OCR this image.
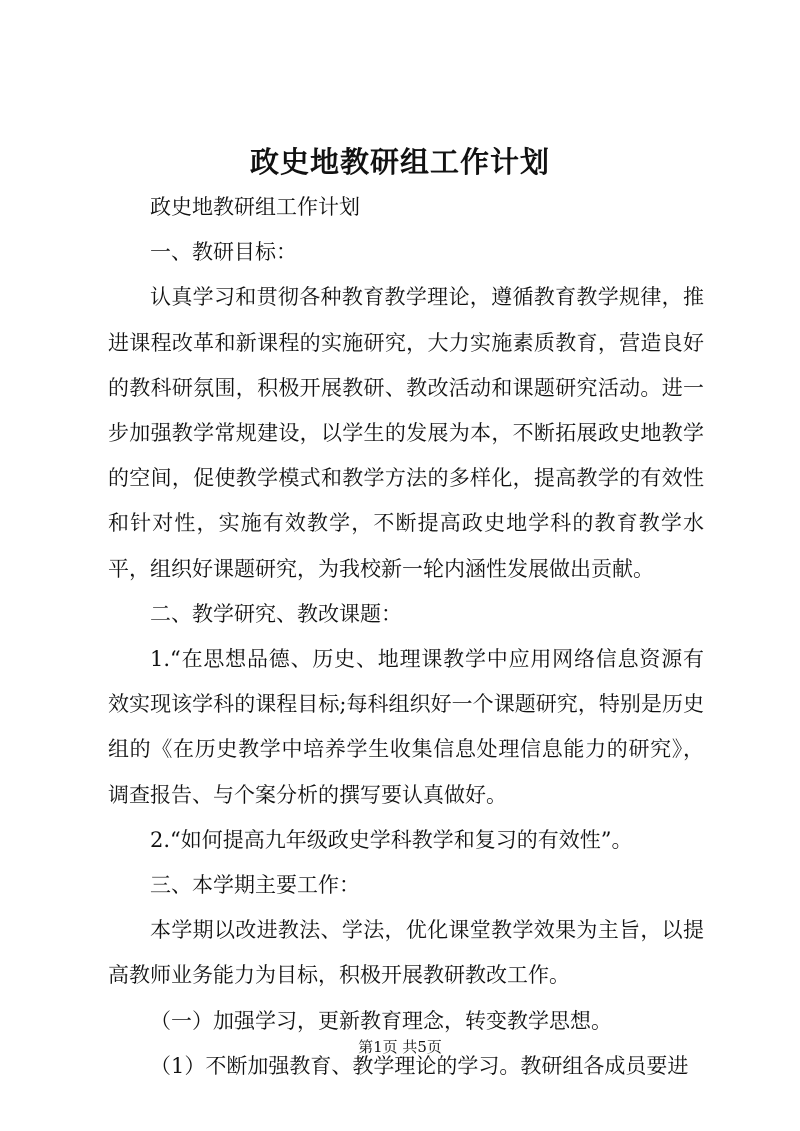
政史地教研组工作计划

政史地教研组工作计划

一、教研目标：

认真学习和贯彻各种教育教学理论，遵循教育教学规律，推进课程改革和新课程的实施研究，大力实施素质教育，营造良好的教科研氛围，积极开展教研、教改活动和课题研究活动。进一步加强教学常规建设，以学生的发展为本，不断拓展政史地教学的空间，促使教学模式和教学方法的多样化，提高教学的有效性和针对性，实施有效教学，不断提高政史地学科的教育教学水平，组织好课题研究，为我校新一轮内涵性发展做出贡献。

二、教学研究、教改课题：

1.“在思想品德、历史、地理课教学中应用网络信息资源有效实现该学科的课程目标;每科组织好一个课题研究，特别是历史组的《在历史教学中培养学生收集信息处理信息能力的研究》，调查报告、与个案分析的撰写要认真做好。

2.“如何提高九年级政史学科教学和复习的有效性”。

三、本学期主要工作：

本学期以改进教法、学法，优化课堂教学效果为主旨，以提高教师业务能力为目标，积极开展教研教改工作。

（一）加强学习，更新教育理念，转变教学思想。

（1）不断加强教育、教学理论的学习。教研组各成员要进

第1页 共5页
